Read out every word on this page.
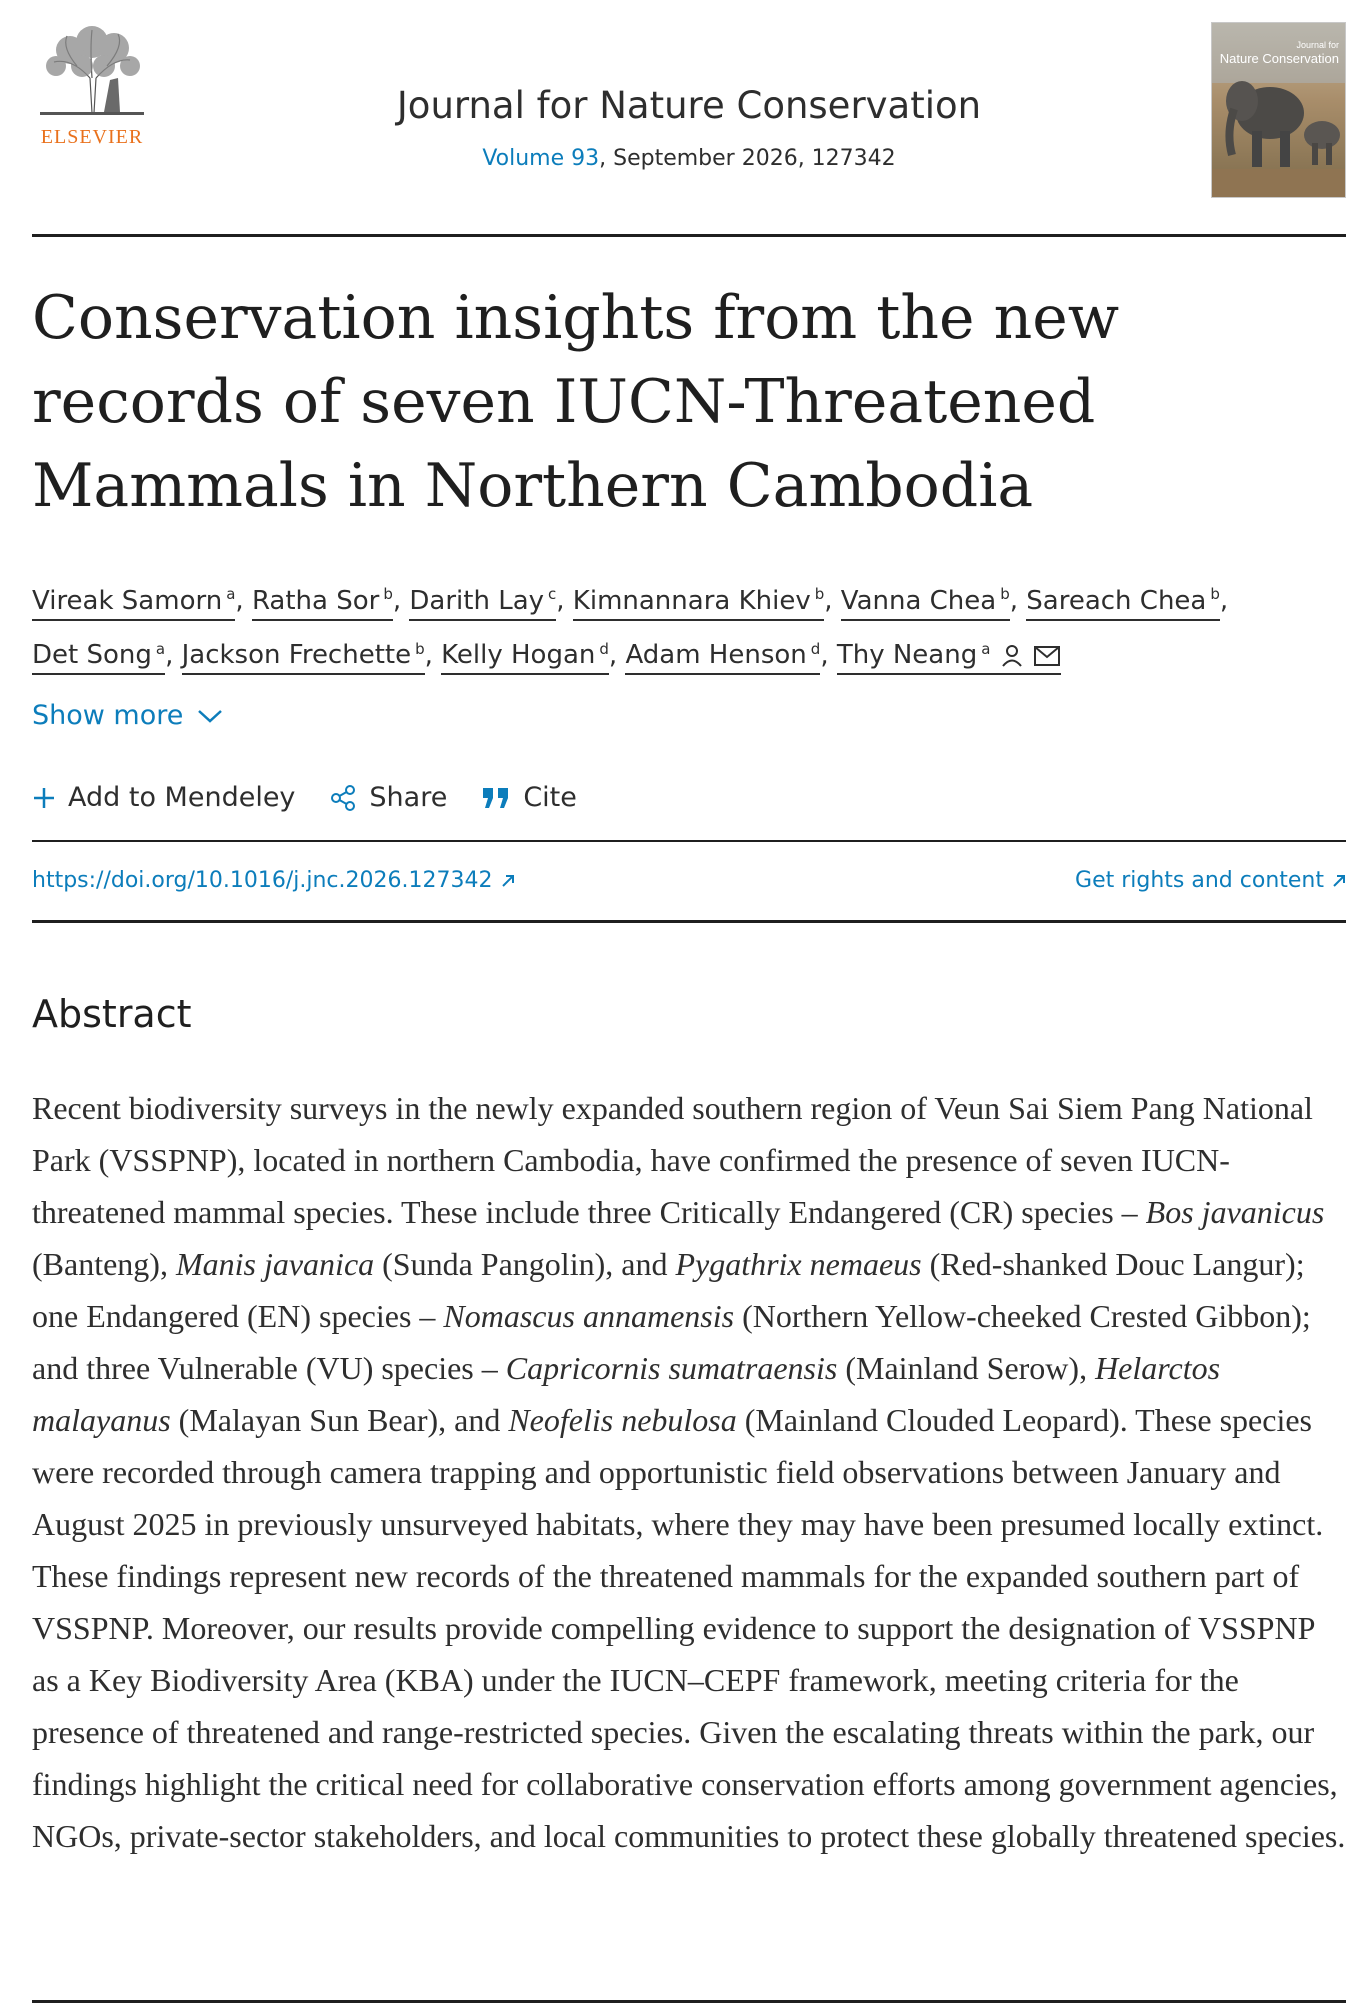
ELSEVIER
Journal for Nature Conservation
Volume 93, September 2026, 127342
Journal for
Nature Conservation
Conservation insights from the new records of seven IUCN-Threatened Mammals in Northern Cambodia
Vireak Samorn $^a$, Ratha Sor $^b$, Darith Lay $^c$, Kimnannara Khiev $^b$, Vanna Chea $^b$, Sareach Chea $^b$,
Det Song $^a$, Jackson Frechette $^b$, Kelly Hogan $^d$, Adam Henson $^d$, Thy Neang $^a$
Show more
Add to Mendeley	Share	Cite
https://doi.org/10.1016/j.jnc.2026.127342	Get rights and content
Abstract

Recent biodiversity surveys in the newly expanded southern region of Veun Sai Siem Pang National Park (VSSPNP), located in northern Cambodia, have confirmed the presence of seven IUCN-threatened mammal species. These include three Critically Endangered (CR) species – Bos javanicus (Banteng), Manis javanica (Sunda Pangolin), and Pygathrix nemaeus (Red-shanked Douc Langur); one Endangered (EN) species – Nomascus annamensis (Northern Yellow-cheeked Crested Gibbon); and three Vulnerable (VU) species – Capricornis sumatraensis (Mainland Serow), Helarctos malayanus (Malayan Sun Bear), and Neofelis nebulosa (Mainland Clouded Leopard). These species were recorded through camera trapping and opportunistic field observations between January and August 2025 in previously unsurveyed habitats, where they may have been presumed locally extinct. These findings represent new records of the threatened mammals for the expanded southern part of VSSPNP. Moreover, our results provide compelling evidence to support the designation of VSSPNP as a Key Biodiversity Area (KBA) under the IUCN–CEPF framework, meeting criteria for the presence of threatened and range-restricted species. Given the escalating threats within the park, our findings highlight the critical need for collaborative conservation efforts among government agencies, NGOs, private-sector stakeholders, and local communities to protect these globally threatened species.
